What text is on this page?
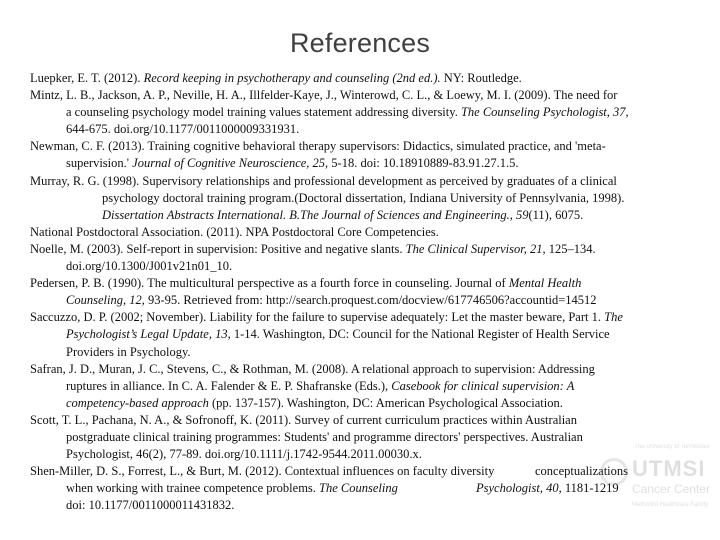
References
Luepker, E. T. (2012). Record keeping in psychotherapy and counseling (2nd ed.). NY: Routledge.
Mintz, L. B., Jackson, A. P., Neville, H. A., Illfelder-Kaye, J., Winterowd, C. L., & Loewy, M. I. (2009). The need for
a counseling psychology model training values statement addressing diversity. The Counseling Psychologist, 37,
644-675. doi.org/10.1177/0011000009331931.
Newman, C. F. (2013). Training cognitive behavioral therapy supervisors: Didactics, simulated practice, and 'meta-
supervision.' Journal of Cognitive Neuroscience, 25, 5-18. doi: 10.18910889-83.91.27.1.5.
Murray, R. G. (1998). Supervisory relationships and professional development as perceived by graduates of a clinical
psychology doctoral training program.(Doctoral dissertation, Indiana University of Pennsylvania, 1998).
Dissertation Abstracts International. B.The Journal of Sciences and Engineering., 59(11), 6075.
National Postdoctoral Association. (2011). NPA Postdoctoral Core Competencies.
Noelle, M. (2003). Self-report in supervision: Positive and negative slants. The Clinical Supervisor, 21, 125–134.
doi.org/10.1300/J001v21n01_10.
Pedersen, P. B. (1990). The multicultural perspective as a fourth force in counseling. Journal of Mental Health
Counseling, 12, 93-95. Retrieved from: http://search.proquest.com/docview/617746506?accountid=14512
Saccuzzo, D. P. (2002; November). Liability for the failure to supervise adequately: Let the master beware, Part 1. The
Psychologist’s Legal Update, 13, 1-14. Washington, DC: Council for the National Register of Health Service
Providers in Psychology.
Safran, J. D., Muran, J. C., Stevens, C., & Rothman, M. (2008). A relational approach to supervision: Addressing
ruptures in alliance. In C. A. Falender & E. P. Shafranske (Eds.), Casebook for clinical supervision: A
competency-based approach (pp. 137-157). Washington, DC: American Psychological Association.
Scott, T. L., Pachana, N. A., & Sofronoff, K. (2011). Survey of current curriculum practices within Australian
postgraduate clinical training programmes: Students' and programme directors' perspectives. Australian
Psychologist, 46(2), 77-89. doi.org/10.1111/j.1742-9544.2011.00030.x.
Shen-Miller, D. S., Forrest, L., & Burt, M. (2012). Contextual influences on faculty diversity             conceptualizations
when working with trainee competence problems. The Counseling                         Psychologist, 40, 1181-1219
doi: 10.1177/0011000011431832.
The University of Tennessee
UTMSI
Cancer Center
Methodist Healthcare Family
